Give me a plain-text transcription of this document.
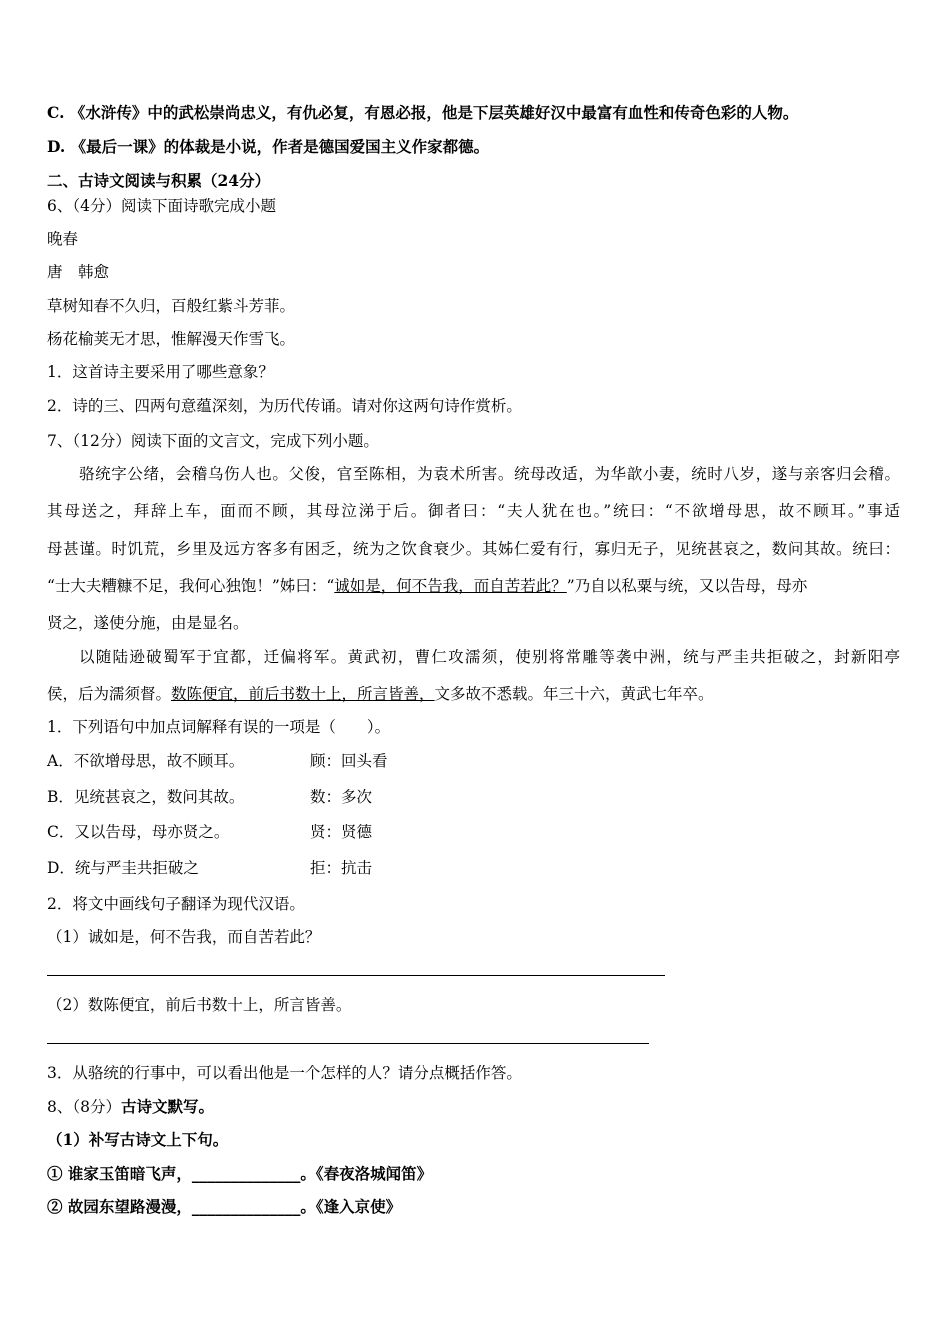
C. 《水浒传》中的武松崇尚忠义，有仇必复，有恩必报，他是下层英雄好汉中最富有血性和传奇色彩的人物。
D. 《最后一课》的体裁是小说，作者是德国爱国主义作家都德。
二、古诗文阅读与积累（24分）
6、（4分）阅读下面诗歌完成小题
晚春
唐　韩愈
草树知春不久归，百般红紫斗芳菲。
杨花榆荚无才思，惟解漫天作雪飞。
1．这首诗主要采用了哪些意象？
2．诗的三、四两句意蕴深刻，为历代传诵。请对你这两句诗作赏析。
7、（12分）阅读下面的文言文，完成下列小题。
骆统字公绪，会稽乌伤人也。父俊，官至陈相，为袁术所害。统母改适，为华歆小妻，统时八岁，遂与亲客归会稽。
其母送之，拜辞上车，面而不顾，其母泣涕于后。御者曰：“夫人犹在也。”统曰：“不欲增母思，故不顾耳。”事适
母甚谨。时饥荒，乡里及远方客多有困乏，统为之饮食衰少。其姊仁爱有行，寡归无子，见统甚哀之，数问其故。统曰：
“士大夫糟糠不足，我何心独饱！”姊曰：“诚如是，何不告我，而自苦若此？”乃自以私粟与统，又以告母，母亦
贤之，遂使分施，由是显名。
以随陆逊破蜀军于宜都，迁偏将军。黄武初，曹仁攻濡须，使别将常雕等袭中洲，统与严圭共拒破之，封新阳亭
侯，后为濡须督。数陈便宜，前后书数十上，所言皆善，文多故不悉载。年三十六，黄武七年卒。
1．下列语句中加点词解释有误的一项是（　　）。
A．不欲增母思，故不顾耳。	顾：回头看
B．见统甚哀之，数问其故。	数：多次
C．又以告母，母亦贤之。	贤：贤德
D．统与严圭共拒破之	拒：抗击
2．将文中画线句子翻译为现代汉语。
（1）诚如是，何不告我，而自苦若此？
（2）数陈便宜，前后书数十上，所言皆善。
3．从骆统的行事中，可以看出他是一个怎样的人？请分点概括作答。
8、（8分）古诗文默写。
（1）补写古诗文上下句。
① 谁家玉笛暗飞声，______________。《春夜洛城闻笛》
② 故园东望路漫漫，______________。《逢入京使》
